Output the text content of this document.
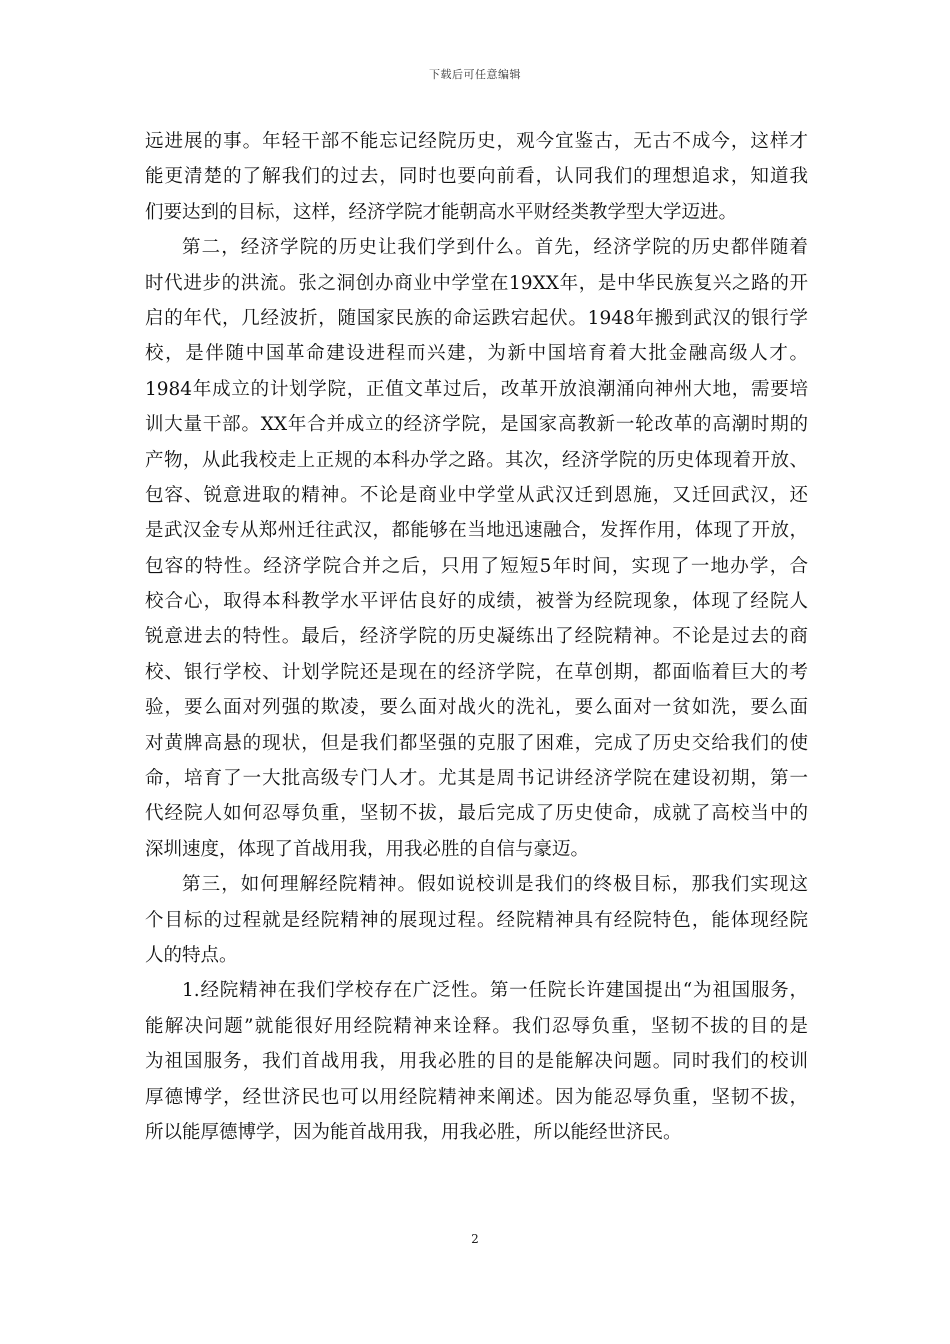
下载后可任意编辑
远进展的事。年轻干部不能忘记经院历史，观今宜鉴古，无古不成今，这样才
能更清楚的了解我们的过去，同时也要向前看，认同我们的理想追求，知道我
们要达到的目标，这样，经济学院才能朝高水平财经类教学型大学迈进。
第二，经济学院的历史让我们学到什么。首先，经济学院的历史都伴随着
时代进步的洪流。张之洞创办商业中学堂在19XX年，是中华民族复兴之路的开
启的年代，几经波折，随国家民族的命运跌宕起伏。1948年搬到武汉的银行学
校，是伴随中国革命建设进程而兴建，为新中国培育着大批金融高级人才。
1984年成立的计划学院，正值文革过后，改革开放浪潮涌向神州大地，需要培
训大量干部。XX年合并成立的经济学院，是国家高教新一轮改革的高潮时期的
产物，从此我校走上正规的本科办学之路。其次，经济学院的历史体现着开放、
包容、锐意进取的精神。不论是商业中学堂从武汉迁到恩施，又迁回武汉，还
是武汉金专从郑州迁往武汉，都能够在当地迅速融合，发挥作用，体现了开放，
包容的特性。经济学院合并之后，只用了短短5年时间，实现了一地办学，合
校合心，取得本科教学水平评估良好的成绩，被誉为经院现象，体现了经院人
锐意进去的特性。最后，经济学院的历史凝练出了经院精神。不论是过去的商
校、银行学校、计划学院还是现在的经济学院，在草创期，都面临着巨大的考
验，要么面对列强的欺凌，要么面对战火的洗礼，要么面对一贫如洗，要么面
对黄牌高悬的现状，但是我们都坚强的克服了困难，完成了历史交给我们的使
命，培育了一大批高级专门人才。尤其是周书记讲经济学院在建设初期，第一
代经院人如何忍辱负重，坚韧不拔，最后完成了历史使命，成就了高校当中的
深圳速度，体现了首战用我，用我必胜的自信与豪迈。
第三，如何理解经院精神。假如说校训是我们的终极目标，那我们实现这
个目标的过程就是经院精神的展现过程。经院精神具有经院特色，能体现经院
人的特点。
1.经院精神在我们学校存在广泛性。第一任院长许建国提出“为祖国服务，
能解决问题”就能很好用经院精神来诠释。我们忍辱负重，坚韧不拔的目的是
为祖国服务，我们首战用我，用我必胜的目的是能解决问题。同时我们的校训
厚德博学，经世济民也可以用经院精神来阐述。因为能忍辱负重，坚韧不拔，
所以能厚德博学，因为能首战用我，用我必胜，所以能经世济民。
2
